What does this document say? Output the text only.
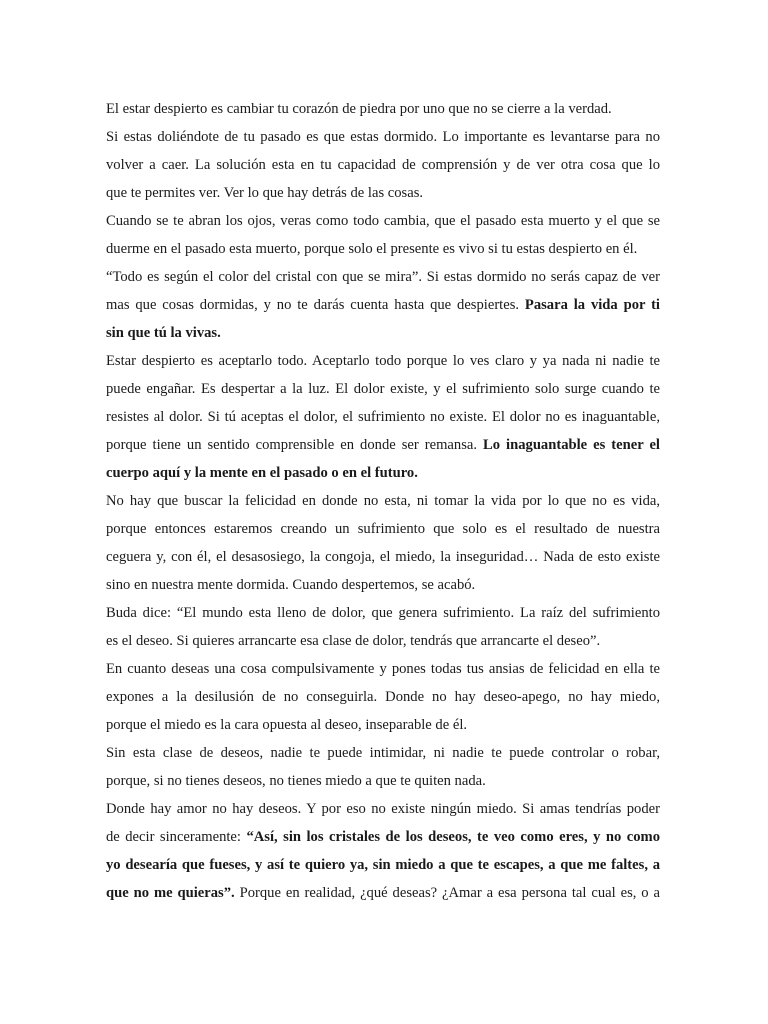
El estar despierto es cambiar tu corazón de piedra por uno que no se cierre a la verdad.
Si estas doliéndote de tu pasado es que estas dormido. Lo importante es levantarse para no
volver a caer. La solución esta en tu capacidad de comprensión y de ver otra cosa que lo
que te permites ver. Ver lo que hay detrás de las cosas.
Cuando se te abran los ojos, veras como todo cambia, que el pasado esta muerto y el que se
duerme en el pasado esta muerto, porque solo el presente es vivo si tu estas despierto en él.
“Todo es según el color del cristal con que se mira”. Si estas dormido no serás capaz de ver
mas que cosas dormidas, y no te darás cuenta hasta que despiertes. Pasara la vida por ti
sin que tú la vivas.
Estar despierto es aceptarlo todo. Aceptarlo todo porque lo ves claro y ya nada ni nadie te
puede engañar. Es despertar a la luz. El dolor existe, y el sufrimiento solo surge cuando te
resistes al dolor. Si tú aceptas el dolor, el sufrimiento no existe. El dolor no es inaguantable,
porque tiene un sentido comprensible en donde ser remansa. Lo inaguantable es tener el
cuerpo aquí y la mente en el pasado o en el futuro.
No hay que buscar la felicidad en donde no esta, ni tomar la vida por lo que no es vida,
porque entonces estaremos creando un sufrimiento que solo es el resultado de nuestra
ceguera y, con él, el desasosiego, la congoja, el miedo, la inseguridad… Nada de esto existe
sino en nuestra mente dormida. Cuando despertemos, se acabó.
Buda dice: “El mundo esta lleno de dolor, que genera sufrimiento. La raíz del sufrimiento
es el deseo. Si quieres arrancarte esa clase de dolor, tendrás que arrancarte el deseo”.
En cuanto deseas una cosa compulsivamente y pones todas tus ansias de felicidad en ella te
expones a la desilusión de no conseguirla. Donde no hay deseo-apego, no hay miedo,
porque el miedo es la cara opuesta al deseo, inseparable de él.
Sin esta clase de deseos, nadie te puede intimidar, ni nadie te puede controlar o robar,
porque, si no tienes deseos, no tienes miedo a que te quiten nada.
Donde hay amor no hay deseos. Y por eso no existe ningún miedo. Si amas tendrías poder
de decir sinceramente: “Así, sin los cristales de los deseos, te veo como eres, y no como
yo desearía que fueses, y así te quiero ya, sin miedo a que te escapes, a que me faltes, a
que no me quieras”. Porque en realidad, ¿qué deseas? ¿Amar a esa persona tal cual es, o a
